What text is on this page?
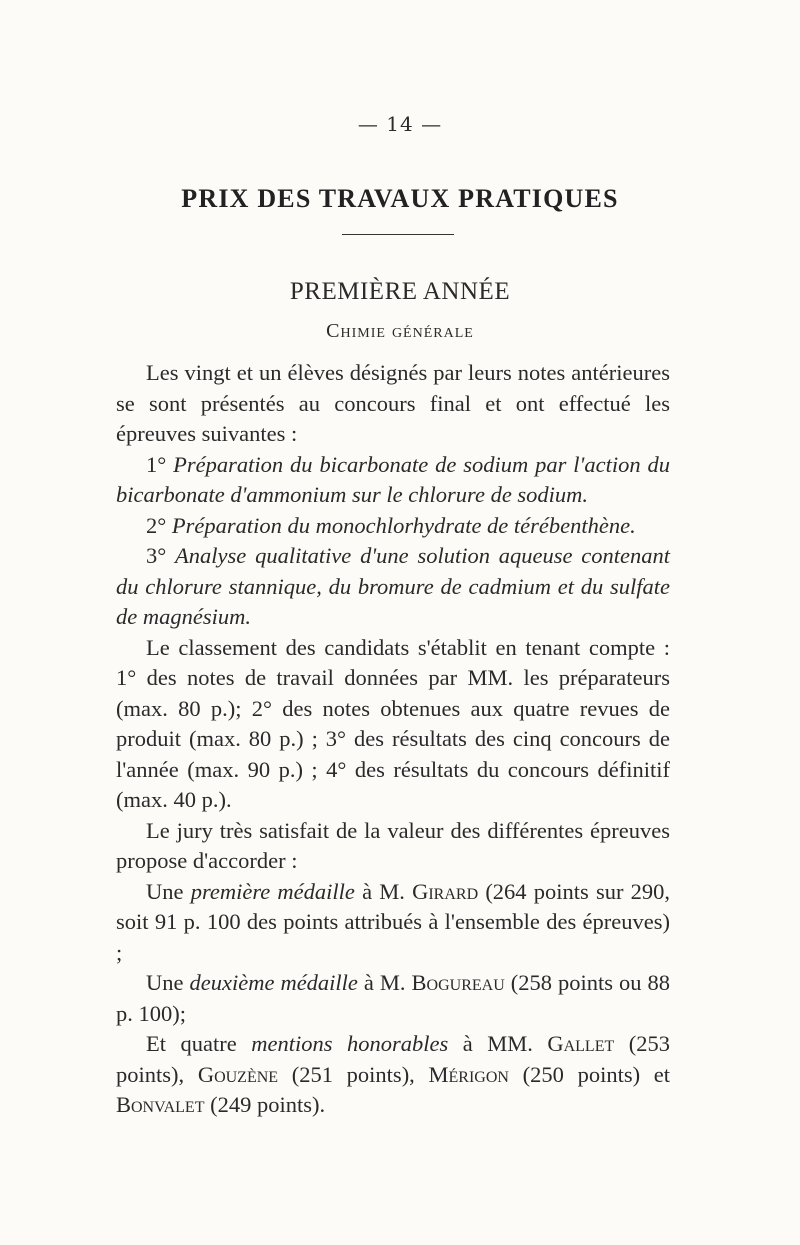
— 14 —
PRIX DES TRAVAUX PRATIQUES
PREMIÈRE ANNÉE
Chimie générale

Les vingt et un élèves désignés par leurs notes antérieures se sont présentés au concours final et ont effectué les épreuves suivantes :

1° Préparation du bicarbonate de sodium par l'action du bicarbonate d'ammonium sur le chlorure de sodium.

2° Préparation du monochlorhydrate de térébenthène.

3° Analyse qualitative d'une solution aqueuse contenant du chlorure stannique, du bromure de cadmium et du sulfate de magnésium.

Le classement des candidats s'établit en tenant compte : 1° des notes de travail données par MM. les préparateurs (max. 80 p.); 2° des notes obtenues aux quatre revues de produit (max. 80 p.) ; 3° des résultats des cinq concours de l'année (max. 90 p.) ; 4° des résultats du concours définitif (max. 40 p.).

Le jury très satisfait de la valeur des différentes épreuves propose d'accorder :

Une première médaille à M. Girard (264 points sur 290, soit 91 p. 100 des points attribués à l'ensemble des épreuves) ;

Une deuxième médaille à M. Bogureau (258 points ou 88 p. 100);

Et quatre mentions honorables à MM. Gallet (253 points), Gouzène (251 points), Mérigon (250 points) et Bonvalet (249 points).
